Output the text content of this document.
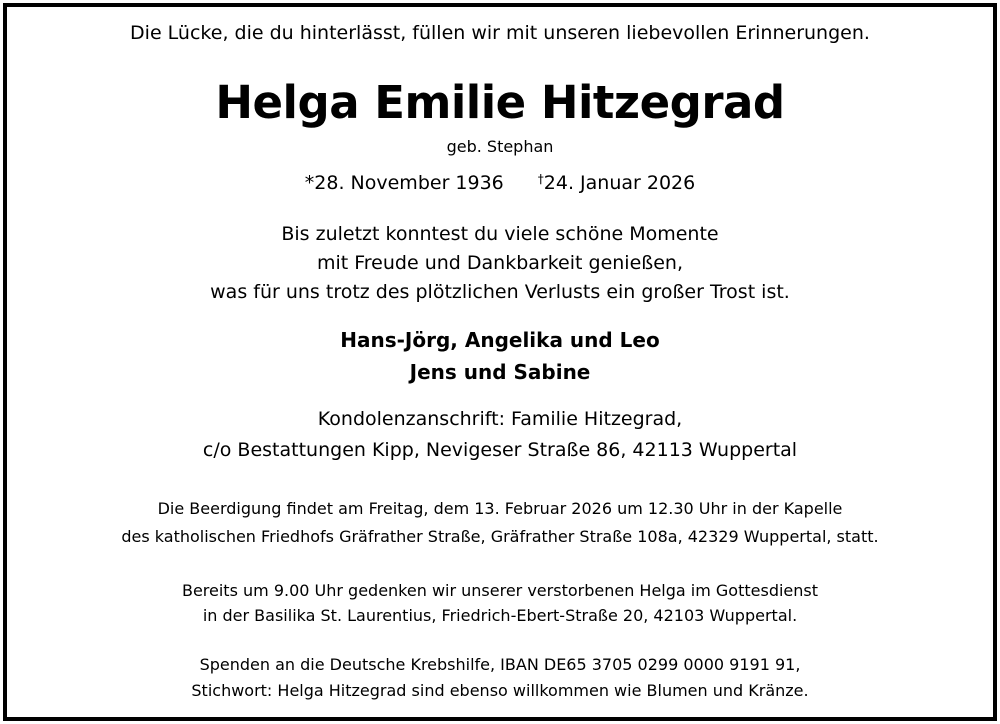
Die Lücke, die du hinterlässt, füllen wir mit unseren liebevollen Erinnerungen.
Helga Emilie Hitzegrad
geb. Stephan
*28. November 1936	†24. Januar 2026
Bis zuletzt konntest du viele schöne Momente
mit Freude und Dankbarkeit genießen,
was für uns trotz des plötzlichen Verlusts ein großer Trost ist.
Hans-Jörg, Angelika und Leo
Jens und Sabine
Kondolenzanschrift: Familie Hitzegrad,
c/o Bestattungen Kipp, Nevigeser Straße 86, 42113 Wuppertal
Die Beerdigung findet am Freitag, dem 13. Februar 2026 um 12.30 Uhr in der Kapelle
des katholischen Friedhofs Gräfrather Straße, Gräfrather Straße 108a, 42329 Wuppertal, statt.
Bereits um 9.00 Uhr gedenken wir unserer verstorbenen Helga im Gottesdienst
in der Basilika St. Laurentius, Friedrich-Ebert-Straße 20, 42103 Wuppertal.
Spenden an die Deutsche Krebshilfe, IBAN DE65 3705 0299 0000 9191 91,
Stichwort: Helga Hitzegrad sind ebenso willkommen wie Blumen und Kränze.
